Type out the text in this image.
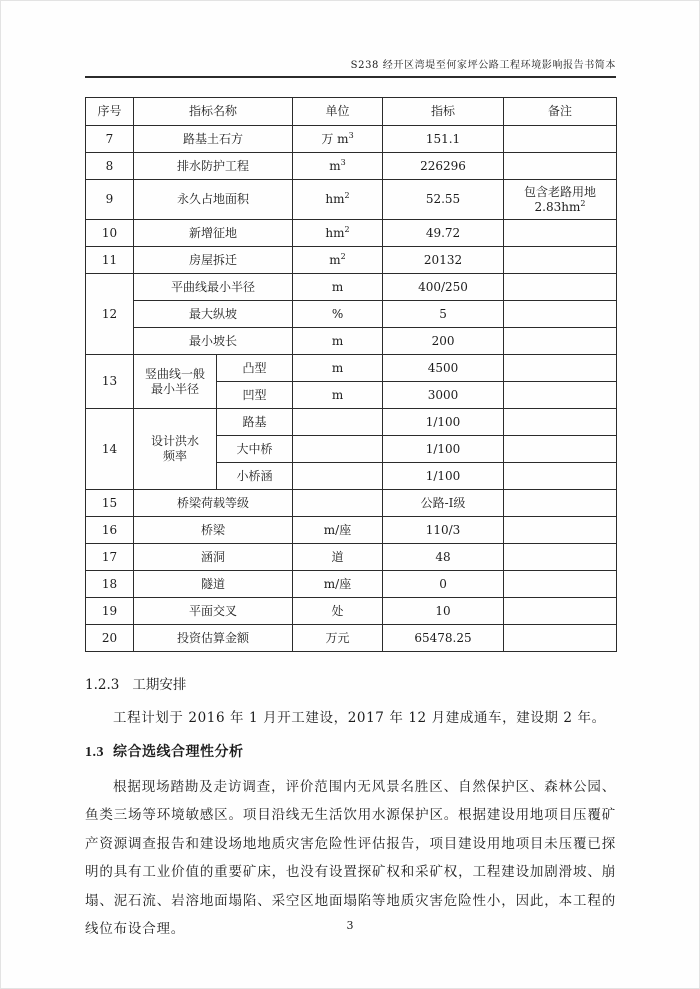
S238 经开区湾堤至何家坪公路工程环境影响报告书简本
序号	指标名称		单位	指标	备注
7	路基土石方		万 $m^3$	151.1	
8	排水防护工程		$m^3$	226296	
9	永久占地面积		$hm^2$	52.55	包含老路用地
$2.83hm^2$

10	新增征地		$hm^2$	49.72	
11	房屋拆迁		$m^2$	20132	
12	平曲线最小半径		m	400/250	
	最大纵坡		%	5	
	最小坡长		m	200	
13	竖曲线一般
最小半径	凸型	m	4500	
		凹型	m	3000	
14	设计洪水
频率	路基		1/100	
		大中桥		1/100	
		小桥涵		1/100	
15	桥梁荷载等级			公路-Ⅰ级	
16	桥梁		m/座	110/3	
17	涵洞		道	48	
18	隧道		m/座	0	
19	平面交叉		处	10	
20	投资估算金额		万元	65478.25	
1.2.3 工期安排
工程计划于 2016 年 1 月开工建设，2017 年 12 月建成通车，建设期 2 年。
1.3 综合选线合理性分析
根据现场踏勘及走访调查，评价范围内无风景名胜区、自然保护区、森林公园、鱼类三场等环境敏感区。项目沿线无生活饮用水源保护区。根据建设用地项目压覆矿产资源调查报告和建设场地地质灾害危险性评估报告，项目建设用地项目未压覆已探明的具有工业价值的重要矿床，也没有设置探矿权和采矿权，工程建设加剧滑坡、崩塌、泥石流、岩溶地面塌陷、采空区地面塌陷等地质灾害危险性小，因此，本工程的线位布设合理。	3
